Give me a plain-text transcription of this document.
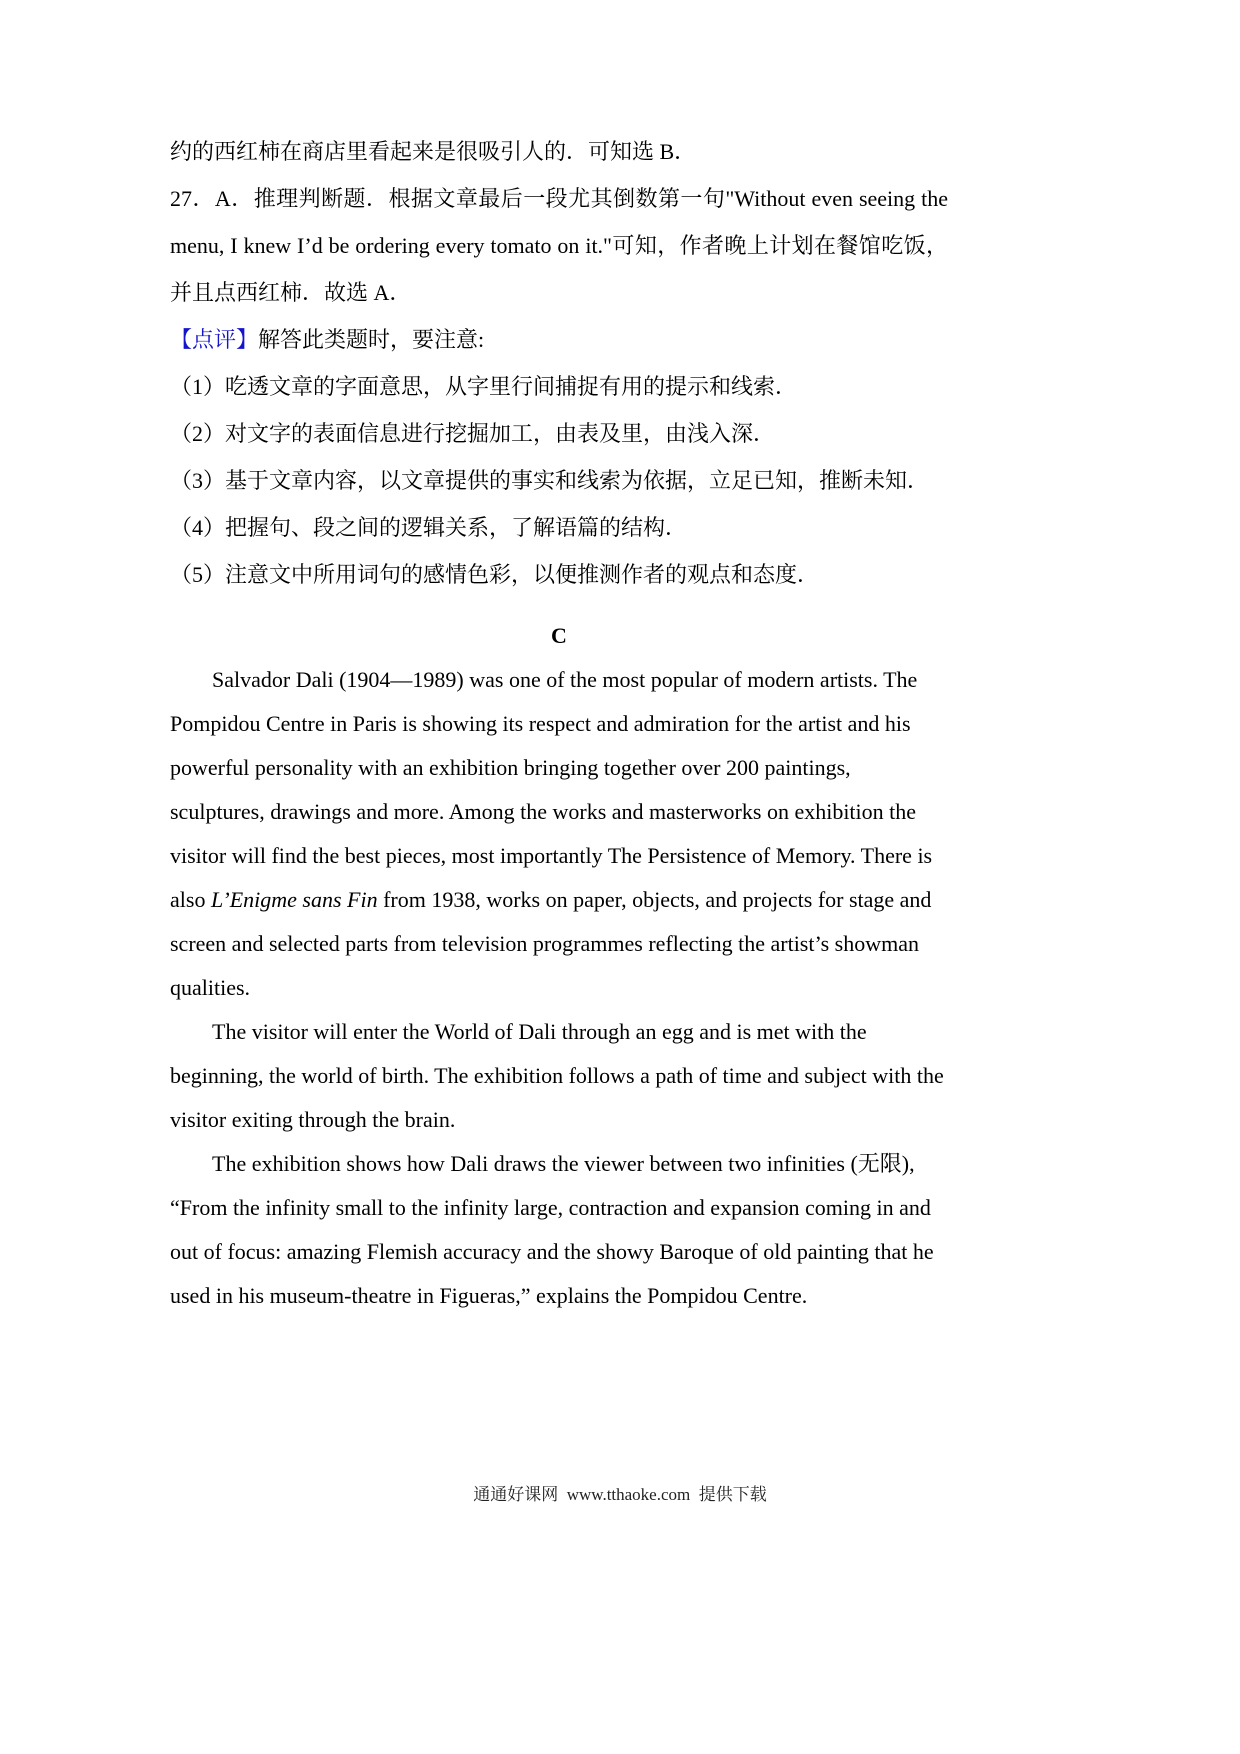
约的西红柿在商店里看起来是很吸引人的．可知选 B．

27．A．推理判断题．根据文章最后一段尤其倒数第一句"Without even seeing the menu, I knew I’d be ordering every tomato on it."可知，作者晚上计划在餐馆吃饭，并且点西红柿．故选 A．

【点评】解答此类题时，要注意:

（1）吃透文章的字面意思，从字里行间捕捉有用的提示和线索．

（2）对文字的表面信息进行挖掘加工，由表及里，由浅入深．

（3）基于文章内容，以文章提供的事实和线索为依据，立足已知，推断未知．

（4）把握句、段之间的逻辑关系，了解语篇的结构．

（5）注意文中所用词句的感情色彩，以便推测作者的观点和态度．

C

Salvador Dali (1904—1989) was one of the most popular of modern artists. The Pompidou Centre in Paris is showing its respect and admiration for the artist and his powerful personality with an exhibition bringing together over 200 paintings, sculptures, drawings and more. Among the works and masterworks on exhibition the visitor will find the best pieces, most importantly The Persistence of Memory. There is also L’Enigme sans Fin from 1938, works on paper, objects, and projects for stage and screen and selected parts from television programmes reflecting the artist’s showman qualities.

The visitor will enter the World of Dali through an egg and is met with the beginning, the world of birth. The exhibition follows a path of time and subject with the visitor exiting through the brain.

The exhibition shows how Dali draws the viewer between two infinities (无限), “From the infinity small to the infinity large, contraction and expansion coming in and out of focus: amazing Flemish accuracy and the showy Baroque of old painting that he used in his museum-theatre in Figueras,” explains the Pompidou Centre.

通通好课网  www.tthaoke.com  提供下载
